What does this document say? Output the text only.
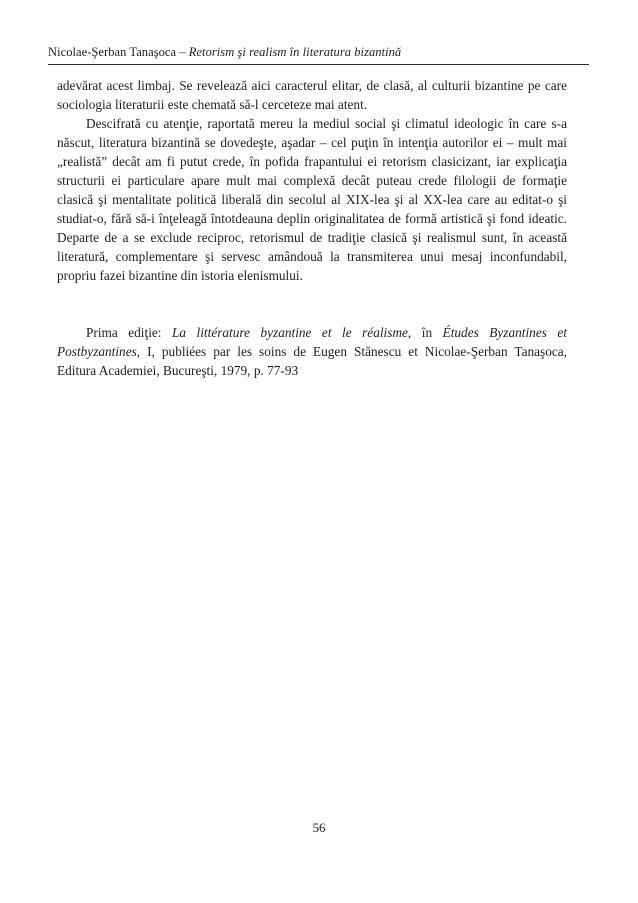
Nicolae-Şerban Tanaşoca – Retorism şi realism în literatura bizantină

adevărat acest limbaj. Se revelează aici caracterul elitar, de clasă, al culturii bizantine pe care sociologia literaturii este chemată să-l cerceteze mai atent.

Descifrată cu atenţie, raportată mereu la mediul social şi climatul ideologic în care s-a născut, literatura bizantină se dovedeşte, aşadar – cel puţin în intenţia autorilor ei – mult mai „realistă” decât am fi putut crede, în pofida frapantului ei retorism clasicizant, iar explicaţia structurii ei particulare apare mult mai complexă decât puteau crede filologii de formaţie clasică şi mentalitate politică liberală din secolul al XIX-lea şi al XX-lea care au editat-o şi studiat-o, fără să-i înţeleagă întotdeauna deplin originalitatea de formă artistică şi fond ideatic. Departe de a se exclude reciproc, retorismul de tradiţie clasică şi realismul sunt, în această literatură, complementare şi servesc amândouă la transmiterea unui mesaj inconfundabil, propriu fazei bizantine din istoria elenismului.

Prima ediţie: La littérature byzantine et le réalisme, în Études Byzantines et Postbyzantines, I, publiées par les soins de Eugen Stănescu et Nicolae-Şerban Tanaşoca, Editura Academiei, Bucureşti, 1979, p. 77-93

56
